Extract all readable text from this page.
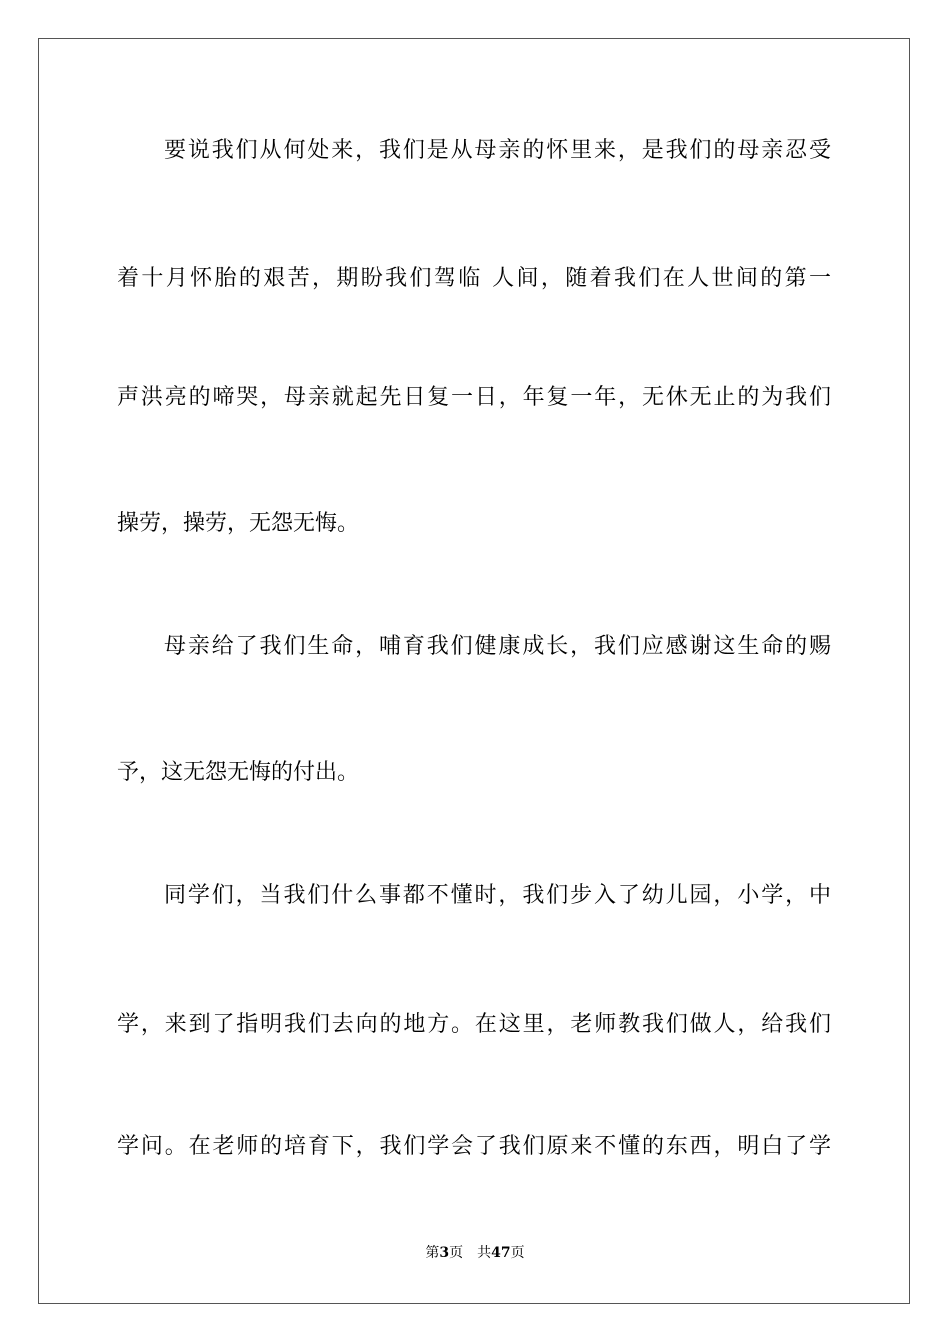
要说我们从何处来，我们是从母亲的怀里来，是我们的母亲忍受
着十月怀胎的艰苦，期盼我们驾临 人间，随着我们在人世间的第一
声洪亮的啼哭，母亲就起先日复一日，年复一年，无休无止的为我们
操劳，操劳，无怨无悔。
母亲给了我们生命，哺育我们健康成长，我们应感谢这生命的赐
予，这无怨无悔的付出。
同学们，当我们什么事都不懂时，我们步入了幼儿园，小学，中
学，来到了指明我们去向的地方。在这里，老师教我们做人，给我们
学问。在老师的培育下，我们学会了我们原来不懂的东西，明白了学
第3页 共47页
